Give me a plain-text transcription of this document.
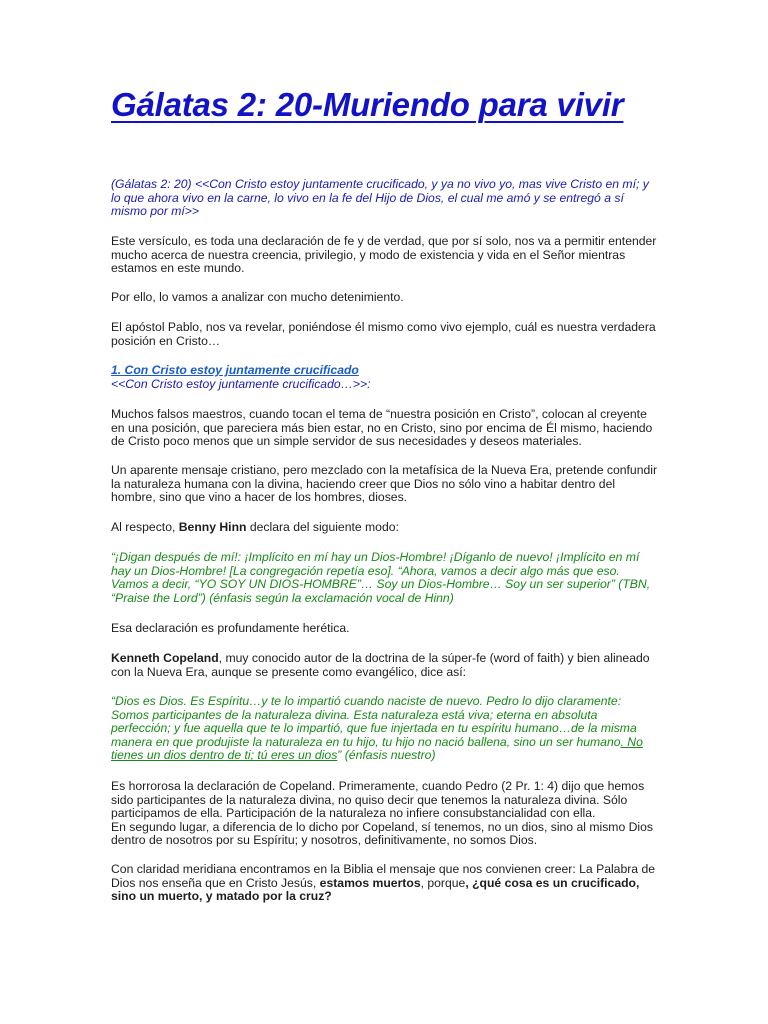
Gálatas 2: 20-Muriendo para vivir
(Gálatas 2: 20) <<Con Cristo estoy juntamente crucificado, y ya no vivo yo, mas vive Cristo en mí; y lo que ahora vivo en la carne, lo vivo en la fe del Hijo de Dios, el cual me amó y se entregó a sí mismo por mí>>
Este versículo, es toda una declaración de fe y de verdad, que por sí solo, nos va a permitir entender mucho acerca de nuestra creencia, privilegio, y modo de existencia y vida en el Señor mientras estamos en este mundo.
Por ello, lo vamos a analizar con mucho detenimiento.
El apóstol Pablo, nos va revelar, poniéndose él mismo como vivo ejemplo, cuál es nuestra verdadera posición en Cristo…
1. Con Cristo estoy juntamente crucificado
<<Con Cristo estoy juntamente crucificado…>>:
Muchos falsos maestros, cuando tocan el tema de “nuestra posición en Cristo”, colocan al creyente en una posición, que pareciera más bien estar, no en Cristo, sino por encima de Él mismo, haciendo de Cristo poco menos que un simple servidor de sus necesidades y deseos materiales.
Un aparente mensaje cristiano, pero mezclado con la metafísica de la Nueva Era, pretende confundir la naturaleza humana con la divina, haciendo creer que Dios no sólo vino a habitar dentro del hombre, sino que vino a hacer de los hombres, dioses.
Al respecto, Benny Hinn declara del siguiente modo:
“¡Digan después de mí!: ¡Implícito en mí hay un Dios-Hombre! ¡Díganlo de nuevo! ¡Implícito en mí hay un Dios-Hombre! [La congregación repetía eso]. “Ahora, vamos a decir algo más que eso. Vamos a decir, “YO SOY UN DIOS-HOMBRE”… Soy un Dios-Hombre… Soy un ser superior” (TBN, “Praise the Lord”) (énfasis según la exclamación vocal de Hinn)
Esa declaración es profundamente herética.
Kenneth Copeland, muy conocido autor de la doctrina de la súper-fe (word of faith) y bien alineado con la Nueva Era, aunque se presente como evangélico, dice así:
“Dios es Dios. Es Espíritu…y te lo impartió cuando naciste de nuevo. Pedro lo dijo claramente: Somos participantes de la naturaleza divina. Esta naturaleza está viva; eterna en absoluta perfección; y fue aquella que te lo impartió, que fue injertada en tu espíritu humano…de la misma manera en que produjiste la naturaleza en tu hijo, tu hijo no nació ballena, sino un ser humano. No tienes un dios dentro de ti; tú eres un dios” (énfasis nuestro)
Es horrorosa la declaración de Copeland. Primeramente, cuando Pedro (2 Pr. 1: 4) dijo que hemos sido participantes de la naturaleza divina, no quiso decir que tenemos la naturaleza divina. Sólo participamos de ella. Participación de la naturaleza no infiere consubstancialidad con ella.
En segundo lugar, a diferencia de lo dicho por Copeland, sí tenemos, no un dios, sino al mismo Dios dentro de nosotros por su Espíritu; y nosotros, definitivamente, no somos Dios.
Con claridad meridiana encontramos en la Biblia el mensaje que nos convienen creer: La Palabra de Dios nos enseña que en Cristo Jesús, estamos muertos, porque, ¿qué cosa es un crucificado, sino un muerto, y matado por la cruz?
